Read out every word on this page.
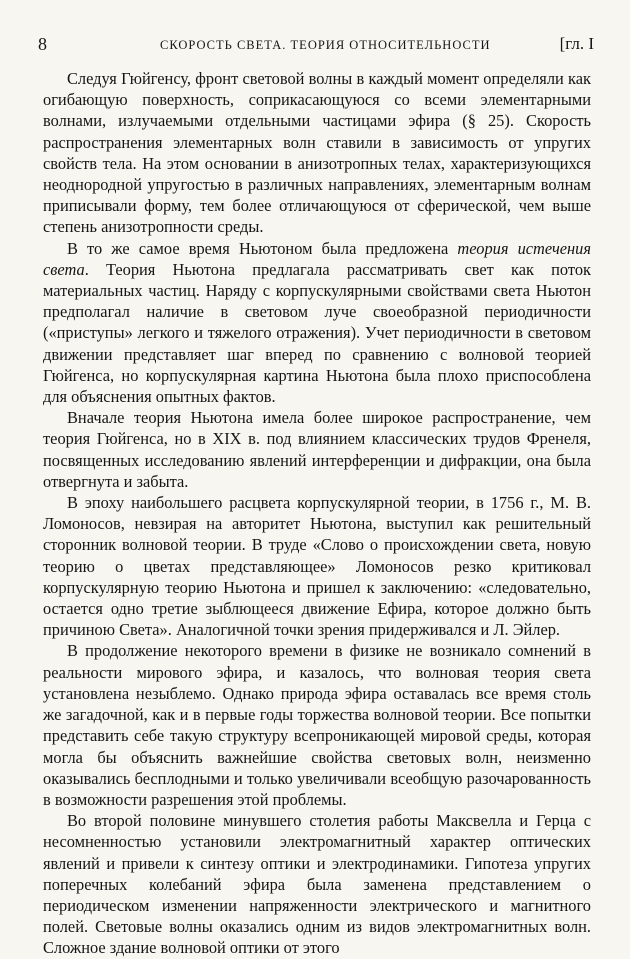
8	СКОРОСТЬ СВЕТА. ТЕОРИЯ ОТНОСИТЕЛЬНОСТИ	[гл. I

Следуя Гюйгенсу, фронт световой волны в каждый момент определяли как огибающую поверхность, соприкасающуюся со всеми элементарными волнами, излучаемыми отдельными частицами эфира (§ 25). Скорость распространения элементарных волн ставили в зависимость от упругих свойств тела. На этом основании в анизотропных телах, характеризующихся неоднородной упругостью в различных направлениях, элементарным волнам приписывали форму, тем более отличающуюся от сферической, чем выше степень анизотропности среды.

В то же самое время Ньютоном была предложена теория истечения света. Теория Ньютона предлагала рассматривать свет как поток материальных частиц. Наряду с корпускулярными свойствами света Ньютон предполагал наличие в световом луче своеобразной периодичности («приступы» легкого и тяжелого отражения). Учет периодичности в световом движении представляет шаг вперед по сравнению с волновой теорией Гюйгенса, но корпускулярная картина Ньютона была плохо приспособлена для объяснения опытных фактов.

Вначале теория Ньютона имела более широкое распространение, чем теория Гюйгенса, но в XIX в. под влиянием классических трудов Френеля, посвященных исследованию явлений интерференции и дифракции, она была отвергнута и забыта.

В эпоху наибольшего расцвета корпускулярной теории, в 1756 г., М. В. Ломоносов, невзирая на авторитет Ньютона, выступил как решительный сторонник волновой теории. В труде «Слово о происхождении света, новую теорию о цветах представляющее» Ломоносов резко критиковал корпускулярную теорию Ньютона и пришел к заключению: «следовательно, остается одно третие зыблющееся движение Ефира, которое должно быть причиною Света». Аналогичной точки зрения придерживался и Л. Эйлер.

В продолжение некоторого времени в физике не возникало сомнений в реальности мирового эфира, и казалось, что волновая теория света установлена незыблемо. Однако природа эфира оставалась все время столь же загадочной, как и в первые годы торжества волновой теории. Все попытки представить себе такую структуру всепроникающей мировой среды, которая могла бы объяснить важнейшие свойства световых волн, неизменно оказывались бесплодными и только увеличивали всеобщую разочарованность в возможности разрешения этой проблемы.

Во второй половине минувшего столетия работы Максвелла и Герца с несомненностью установили электромагнитный характер оптических явлений и привели к синтезу оптики и электродинамики. Гипотеза упругих поперечных колебаний эфира была заменена представлением о периодическом изменении напряженности электрического и магнитного полей. Световые волны оказались одним из видов электромагнитных волн. Сложное здание волновой оптики от этого
